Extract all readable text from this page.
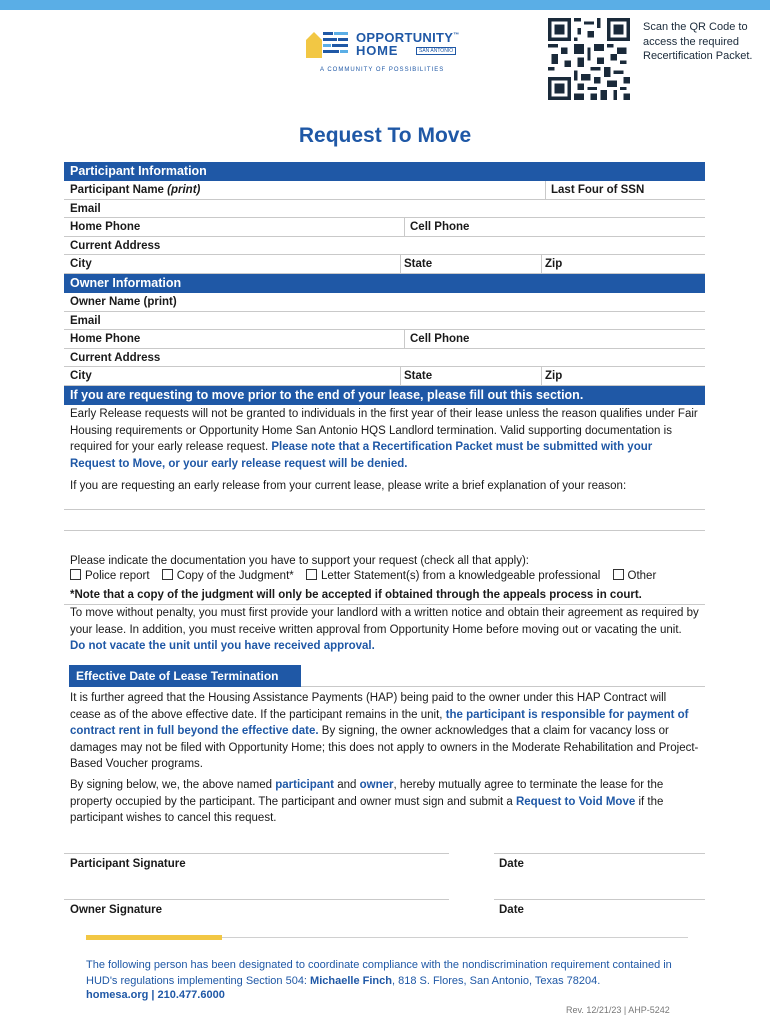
OPPORTUNITY™
HOME	SAN ANTONIO
A COMMUNITY OF POSSIBILITIES
Scan the QR Code to access the required Recertification Packet.
Request To Move
Participant Information
Participant Name (print)	Last Four of SSN
Email
Home Phone	Cell Phone
Current Address
City	State	Zip
Owner Information
Owner Name (print)
Email
Home Phone	Cell Phone
Current Address
City	State	Zip
If you are requesting to move prior to the end of your lease, please fill out this section.

Early Release requests will not be granted to individuals in the first year of their lease unless the reason qualifies under Fair Housing requirements or Opportunity Home San Antonio HQS Landlord termination. Valid supporting documentation is required for your early release request. Please note that a Recertification Packet must be submitted with your Request to Move, or your early release request will be denied.

If you are requesting an early release from your current lease, please write a brief explanation of your reason:

Please indicate the documentation you have to support your request (check all that apply):

Police report Copy of the Judgment* Letter Statement(s) from a knowledgeable professional Other

*Note that a copy of the judgment will only be accepted if obtained through the appeals process in court.

To move without penalty, you must first provide your landlord with a written notice and obtain their agreement as required by your lease. In addition, you must receive written approval from Opportunity Home before moving out or vacating the unit. Do not vacate the unit until you have received approval.

Effective Date of Lease Termination

It is further agreed that the Housing Assistance Payments (HAP) being paid to the owner under this HAP Contract will cease as of the above effective date. If the participant remains in the unit, the participant is responsible for payment of contract rent in full beyond the effective date. By signing, the owner acknowledges that a claim for vacancy loss or damages may not be filed with Opportunity Home; this does not apply to owners in the Moderate Rehabilitation and Project-Based Voucher programs.

By signing below, we, the above named participant and owner, hereby mutually agree to terminate the lease for the property occupied by the participant. The participant and owner must sign and submit a Request to Void Move if the participant wishes to cancel this request.

Participant Signature	Date
Owner Signature	Date

The following person has been designated to coordinate compliance with the nondiscrimination requirement contained in HUD's regulations implementing Section 504: Michaelle Finch, 818 S. Flores, San Antonio, Texas 78204.

homesa.org | 210.477.6000
Rev. 12/21/23 | AHP-5242
